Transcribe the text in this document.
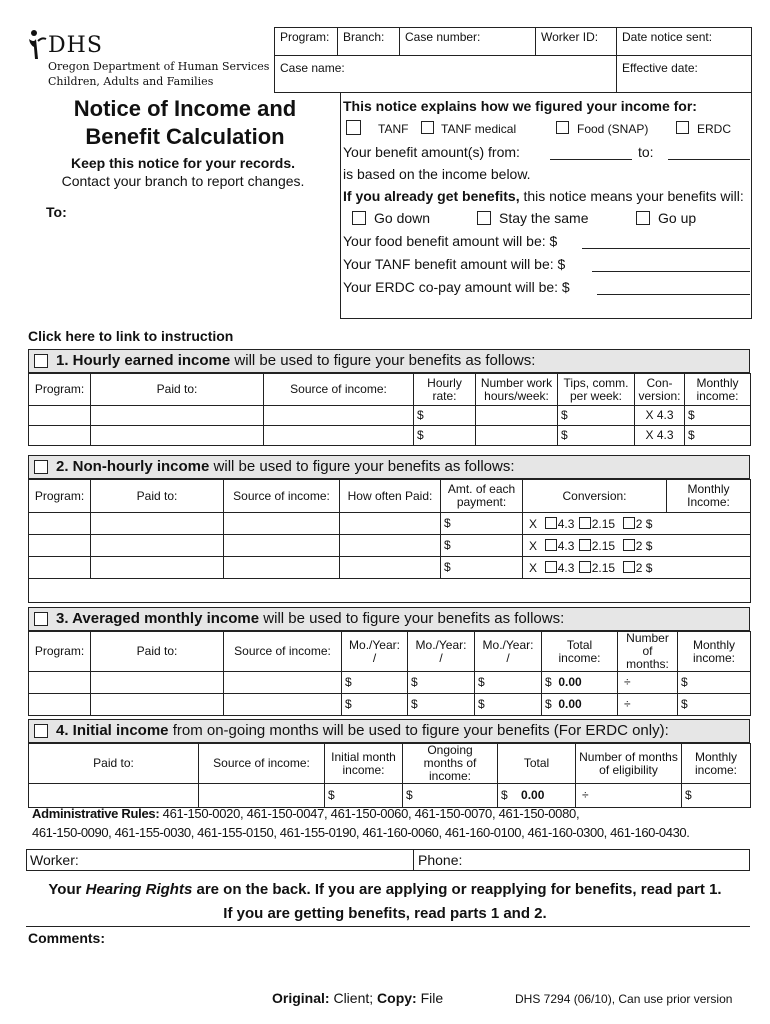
DHS
Oregon Department of Human Services
Children, Adults and Families
Program: Branch: Case number:	Worker ID: Date notice sent:
Case name:	Effective date:
Notice of Income and
Benefit Calculation
Keep this notice for your records.
Contact your branch to report changes.
To:
This notice explains how we figured your income for:
TANF	TANF medical	Food (SNAP)	ERDC
Your benefit amount(s) from:	to:
is based on the income below.
If you already get benefits, this notice means your benefits will:
Go down	Stay the same	Go up
Your food benefit amount will be: $
Your TANF benefit amount will be: $
Your ERDC co-pay amount will be: $
Click here to link to instruction
1. Hourly earned income will be used to figure your benefits as follows:
Program:	Paid to:	Source of income:	Hourly rate:	Number work hours/week:	Tips, comm. per week:	Con-version:	Monthly income:
			$		$	X 4.3	$
			$		$	X 4.3	$
2. Non-hourly income will be used to figure your benefits as follows:
Program:	Paid to:	Source of income:	How often Paid:	Amt. of each payment:	Conversion:	Monthly Income:
				$	X 4.3 2.15 2 $	
				$	X 4.3 2.15 2 $	
				$	X 4.3 2.15 2 $	

3. Averaged monthly income will be used to figure your benefits as follows:
Program:	Paid to:	Source of income:	Mo./Year:
/	Mo./Year:
/	Mo./Year:
/	Total income:	Number of months:	Monthly income:
			$	$	$	$ 0.00	÷	$
			$	$	$	$ 0.00	÷	$
4. Initial income from on-going months will be used to figure your benefits (For ERDC only):
Paid to:	Source of income:	Initial month income:	Ongoing months of income:	Total	Number of months of eligibility	Monthly income:
		$	$	$ 0.00	÷	$
Administrative Rules: 461-150-0020, 461-150-0047, 461-150-0060, 461-150-0070, 461-150-0080,
461-150-0090, 461-155-0030, 461-155-0150, 461-155-0190, 461-160-0060, 461-160-0100, 461-160-0300, 461-160-0430.
Worker:	Phone:
Your Hearing Rights are on the back. If you are applying or reapplying for benefits, read part 1.
If you are getting benefits, read parts 1 and 2.
Comments:
Original: Client; Copy: File	DHS 7294 (06/10), Can use prior version
